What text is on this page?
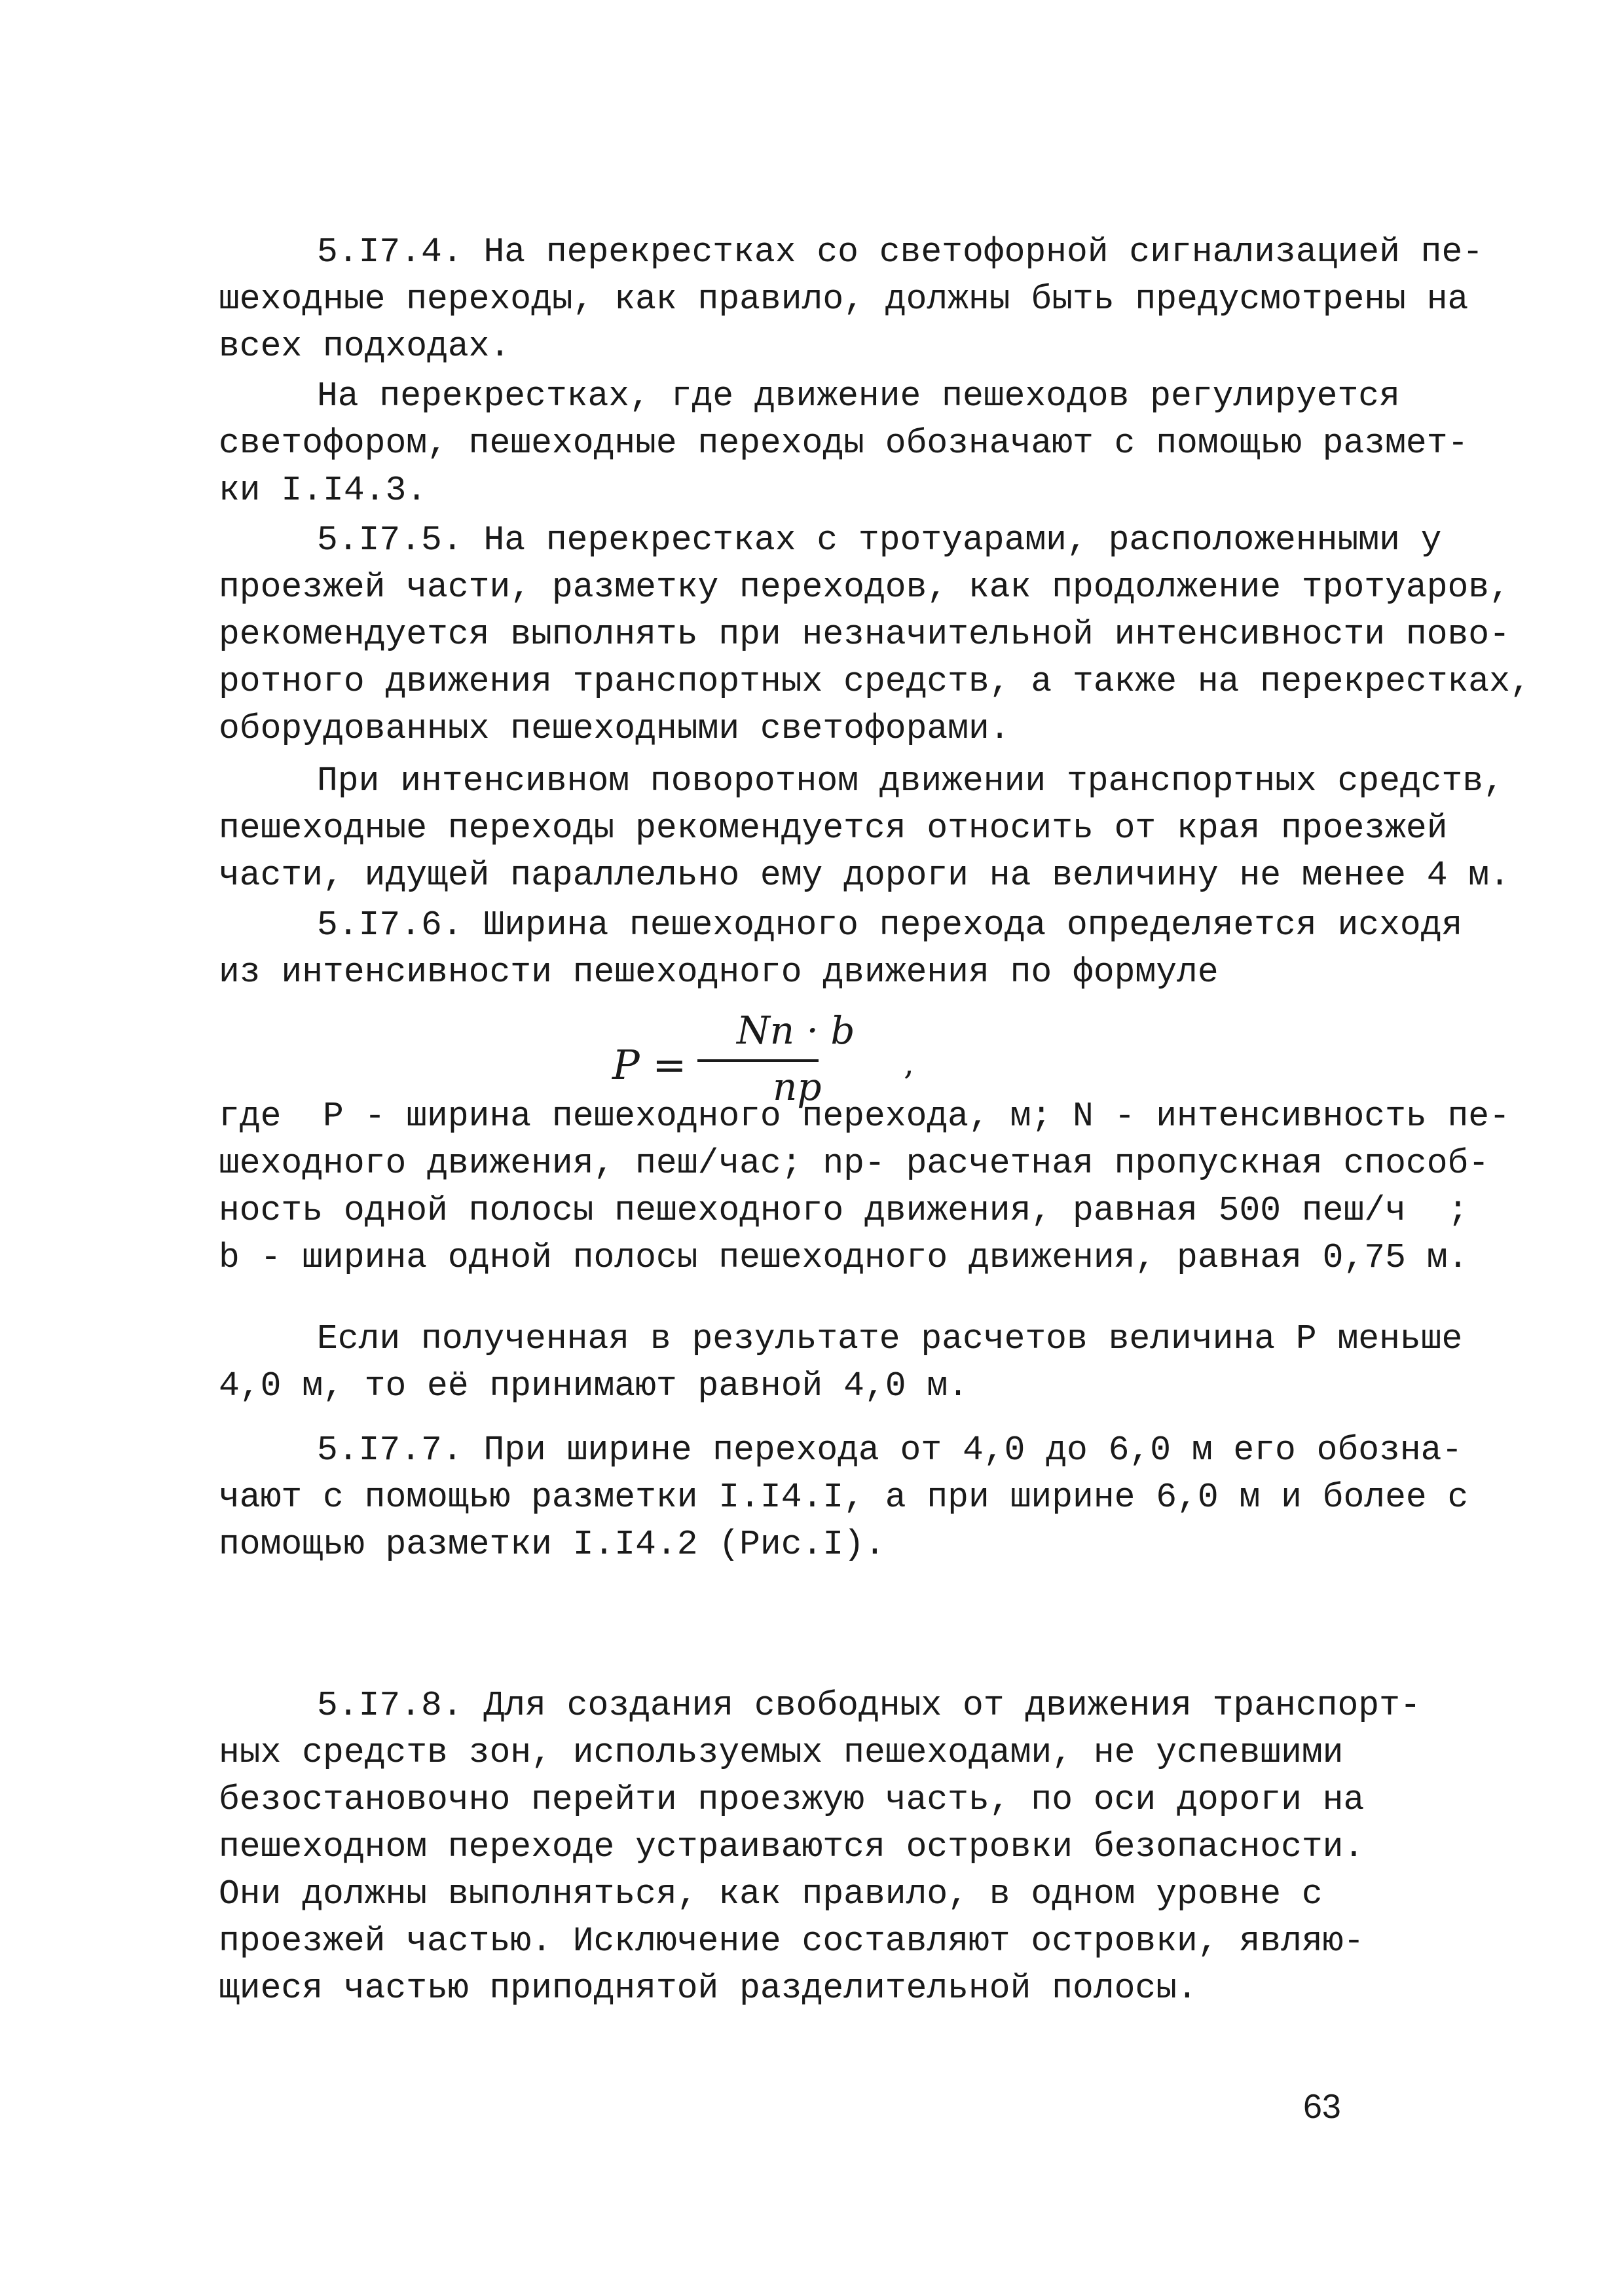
5.I7.4. На перекрестках со светофорной сигнализацией пе-
шеходные переходы, как правило, должны быть предусмотрены на
всех подходах.
На перекрестках, где движение пешеходов регулируется
светофором, пешеходные переходы обозначают с помощью размет-
ки I.I4.3.
5.I7.5. На перекрестках с тротуарами, расположенными у
проезжей части, разметку переходов, как продолжение тротуаров,
рекомендуется выполнять при незначительной интенсивности пово-
ротного движения транспортных средств, а также на перекрестках,
оборудованных пешеходными светофорами.
При интенсивном поворотном движении транспортных средств,
пешеходные переходы рекомендуется относить от края проезжей
части, идущей параллельно ему дороги на величину не менее 4 м.
5.I7.6. Ширина пешеходного перехода определяется исходя
из интенсивности пешеходного движения по формуле
P =
Nn · b
np
,
где  Р - ширина пешеходного перехода, м; N - интенсивность пе-
шеходного движения, пеш/час; nр- расчетная пропускная способ-
ность одной полосы пешеходного движения, равная 500 пеш/ч  ;
b - ширина одной полосы пешеходного движения, равная 0,75 м.
Если полученная в результате расчетов величина Р меньше
4,0 м, то её принимают равной 4,0 м.
5.I7.7. При ширине перехода от 4,0 до 6,0 м его обозна-
чают с помощью разметки I.I4.I, а при ширине 6,0 м и более с
помощью разметки I.I4.2 (Рис.I).
5.I7.8. Для создания свободных от движения транспорт-
ных средств зон, используемых пешеходами, не успевшими
безостановочно перейти проезжую часть, по оси дороги на
пешеходном переходе устраиваются островки безопасности.
Они должны выполняться, как правило, в одном уровне с
проезжей частью. Исключение составляют островки, являю-
щиеся частью приподнятой разделительной полосы.
63
